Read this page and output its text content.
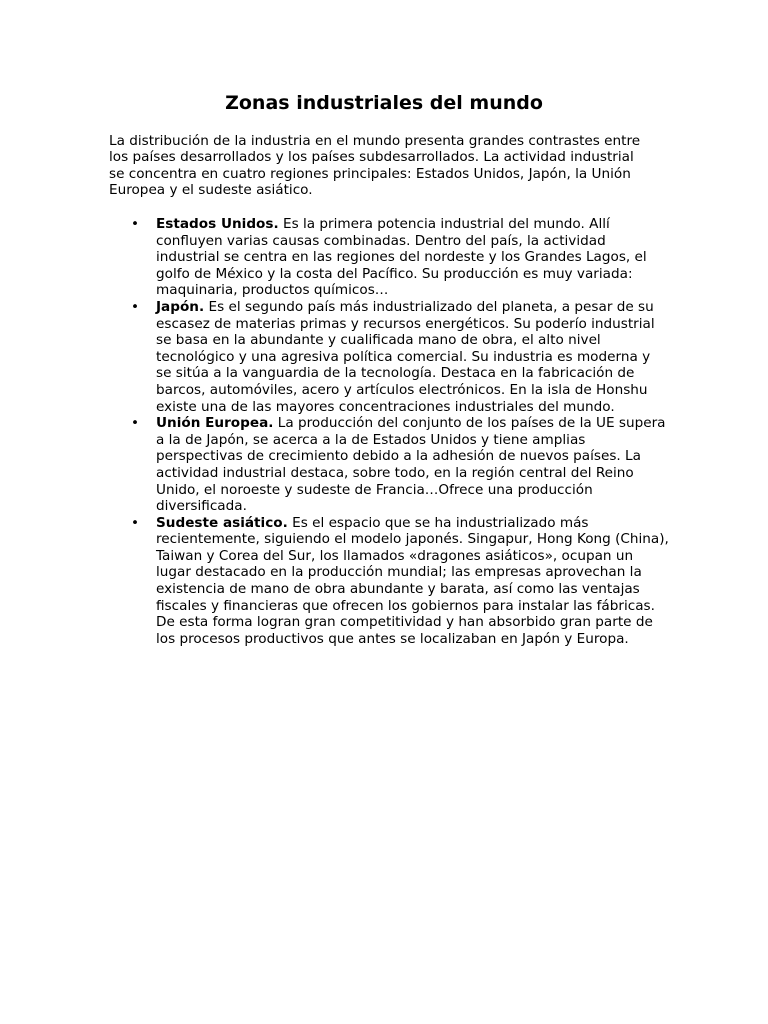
Zonas industriales del mundo

La distribución de la industria en el mundo presenta grandes contrastes entre los países desarrollados y los países subdesarrollados. La actividad industrial se concentra en cuatro regiones principales: Estados Unidos, Japón, la Unión Europea y el sudeste asiático.

• Estados Unidos. Es la primera potencia industrial del mundo. Allí confluyen varias causas combinadas. Dentro del país, la actividad industrial se centra en las regiones del nordeste y los Grandes Lagos, el golfo de México y la costa del Pacífico. Su producción es muy variada: maquinaria, productos químicos…
• Japón. Es el segundo país más industrializado del planeta, a pesar de su escasez de materias primas y recursos energéticos. Su poderío industrial se basa en la abundante y cualificada mano de obra, el alto nivel tecnológico y una agresiva política comercial. Su industria es moderna y se sitúa a la vanguardia de la tecnología. Destaca en la fabricación de barcos, automóviles, acero y artículos electrónicos. En la isla de Honshu existe una de las mayores concentraciones industriales del mundo.
• Unión Europea. La producción del conjunto de los países de la UE supera a la de Japón, se acerca a la de Estados Unidos y tiene amplias perspectivas de crecimiento debido a la adhesión de nuevos países. La actividad industrial destaca, sobre todo, en la región central del Reino Unido, el noroeste y sudeste de Francia…Ofrece una producción diversificada.
• Sudeste asiático. Es el espacio que se ha industrializado más recientemente, siguiendo el modelo japonés. Singapur, Hong Kong (China), Taiwan y Corea del Sur, los llamados «dragones asiáticos», ocupan un lugar destacado en la producción mundial; las empresas aprovechan la existencia de mano de obra abundante y barata, así como las ventajas fiscales y financieras que ofrecen los gobiernos para instalar las fábricas. De esta forma logran gran competitividad y han absorbido gran parte de los procesos productivos que antes se localizaban en Japón y Europa.
